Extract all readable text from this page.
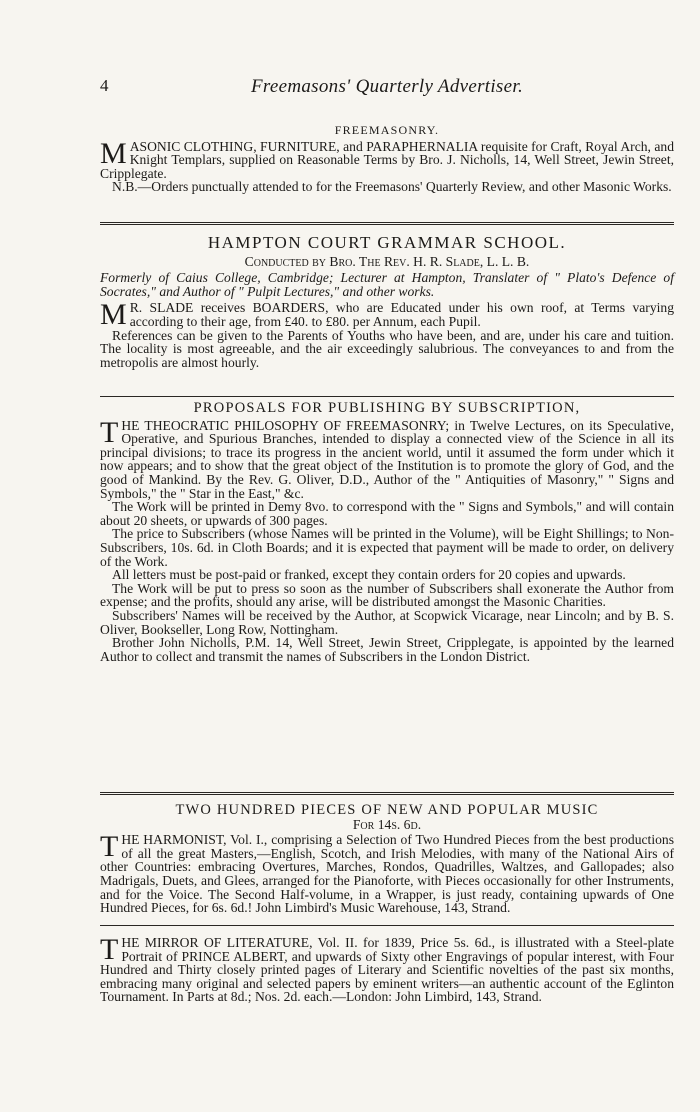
4	Freemasons' Quarterly Advertiser.

FREEMASONRY.

M ASONIC CLOTHING, FURNITURE, and PARAPHERNALIA requisite for Craft, Royal Arch, and Knight Templars, supplied on Reasonable Terms by Bro. J. Nicholls, 14, Well Street, Jewin Street, Cripplegate.

N.B.—Orders punctually attended to for the Freemasons' Quarterly Review, and other Masonic Works.

HAMPTON COURT GRAMMAR SCHOOL.

Conducted by Bro. The Rev. H. R. Slade, L. L. B.

Formerly of Caius College, Cambridge; Lecturer at Hampton, Translater of " Plato's Defence of Socrates," and Author of " Pulpit Lectures," and other works.

M R. SLADE receives BOARDERS, who are Educated under his own roof, at Terms varying according to their age, from £40. to £80. per Annum, each Pupil.

References can be given to the Parents of Youths who have been, and are, under his care and tuition. The locality is most agreeable, and the air exceedingly salubrious. The conveyances to and from the metropolis are almost hourly.

PROPOSALS FOR PUBLISHING BY SUBSCRIPTION,

T HE THEOCRATIC PHILOSOPHY OF FREEMASONRY; in Twelve Lectures, on its Speculative, Operative, and Spurious Branches, intended to display a connected view of the Science in all its principal divisions; to trace its progress in the ancient world, until it assumed the form under which it now appears; and to show that the great object of the Institution is to promote the glory of God, and the good of Mankind. By the Rev. G. Oliver, D.D., Author of the " Antiquities of Masonry," " Signs and Symbols," the " Star in the East," &c.

The Work will be printed in Demy 8vo. to correspond with the " Signs and Symbols," and will contain about 20 sheets, or upwards of 300 pages.

The price to Subscribers (whose Names will be printed in the Volume), will be Eight Shillings; to Non-Subscribers, 10s. 6d. in Cloth Boards; and it is expected that payment will be made to order, on delivery of the Work.

All letters must be post-paid or franked, except they contain orders for 20 copies and upwards.

The Work will be put to press so soon as the number of Subscribers shall exonerate the Author from expense; and the profits, should any arise, will be distributed amongst the Masonic Charities.

Subscribers' Names will be received by the Author, at Scopwick Vicarage, near Lincoln; and by B. S. Oliver, Bookseller, Long Row, Nottingham.

Brother John Nicholls, P.M. 14, Well Street, Jewin Street, Cripplegate, is appointed by the learned Author to collect and transmit the names of Subscribers in the London District.

TWO HUNDRED PIECES OF NEW AND POPULAR MUSIC

For 14s. 6d.

T HE HARMONIST, Vol. I., comprising a Selection of Two Hundred Pieces from the best productions of all the great Masters,—English, Scotch, and Irish Melodies, with many of the National Airs of other Countries: embracing Overtures, Marches, Rondos, Quadrilles, Waltzes, and Gallopades; also Madrigals, Duets, and Glees, arranged for the Pianoforte, with Pieces occasionally for other Instruments, and for the Voice. The Second Half-volume, in a Wrapper, is just ready, containing upwards of One Hundred Pieces, for 6s. 6d.! John Limbird's Music Warehouse, 143, Strand.

T HE MIRROR OF LITERATURE, Vol. II. for 1839, Price 5s. 6d., is illustrated with a Steel-plate Portrait of PRINCE ALBERT, and upwards of Sixty other Engravings of popular interest, with Four Hundred and Thirty closely printed pages of Literary and Scientific novelties of the past six months, embracing many original and selected papers by eminent writers—an authentic account of the Eglinton Tournament. In Parts at 8d.; Nos. 2d. each.—London: John Limbird, 143, Strand.
